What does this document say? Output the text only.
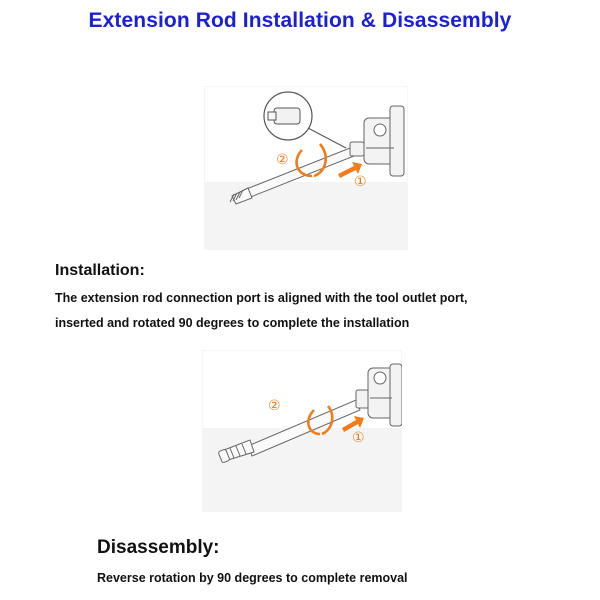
Extension Rod Installation & Disassembly
②
①
Installation:
The extension rod connection port is aligned with the tool outlet port,
inserted and rotated 90 degrees to complete the installation
②
①
Disassembly:
Reverse rotation by 90 degrees to complete removal
